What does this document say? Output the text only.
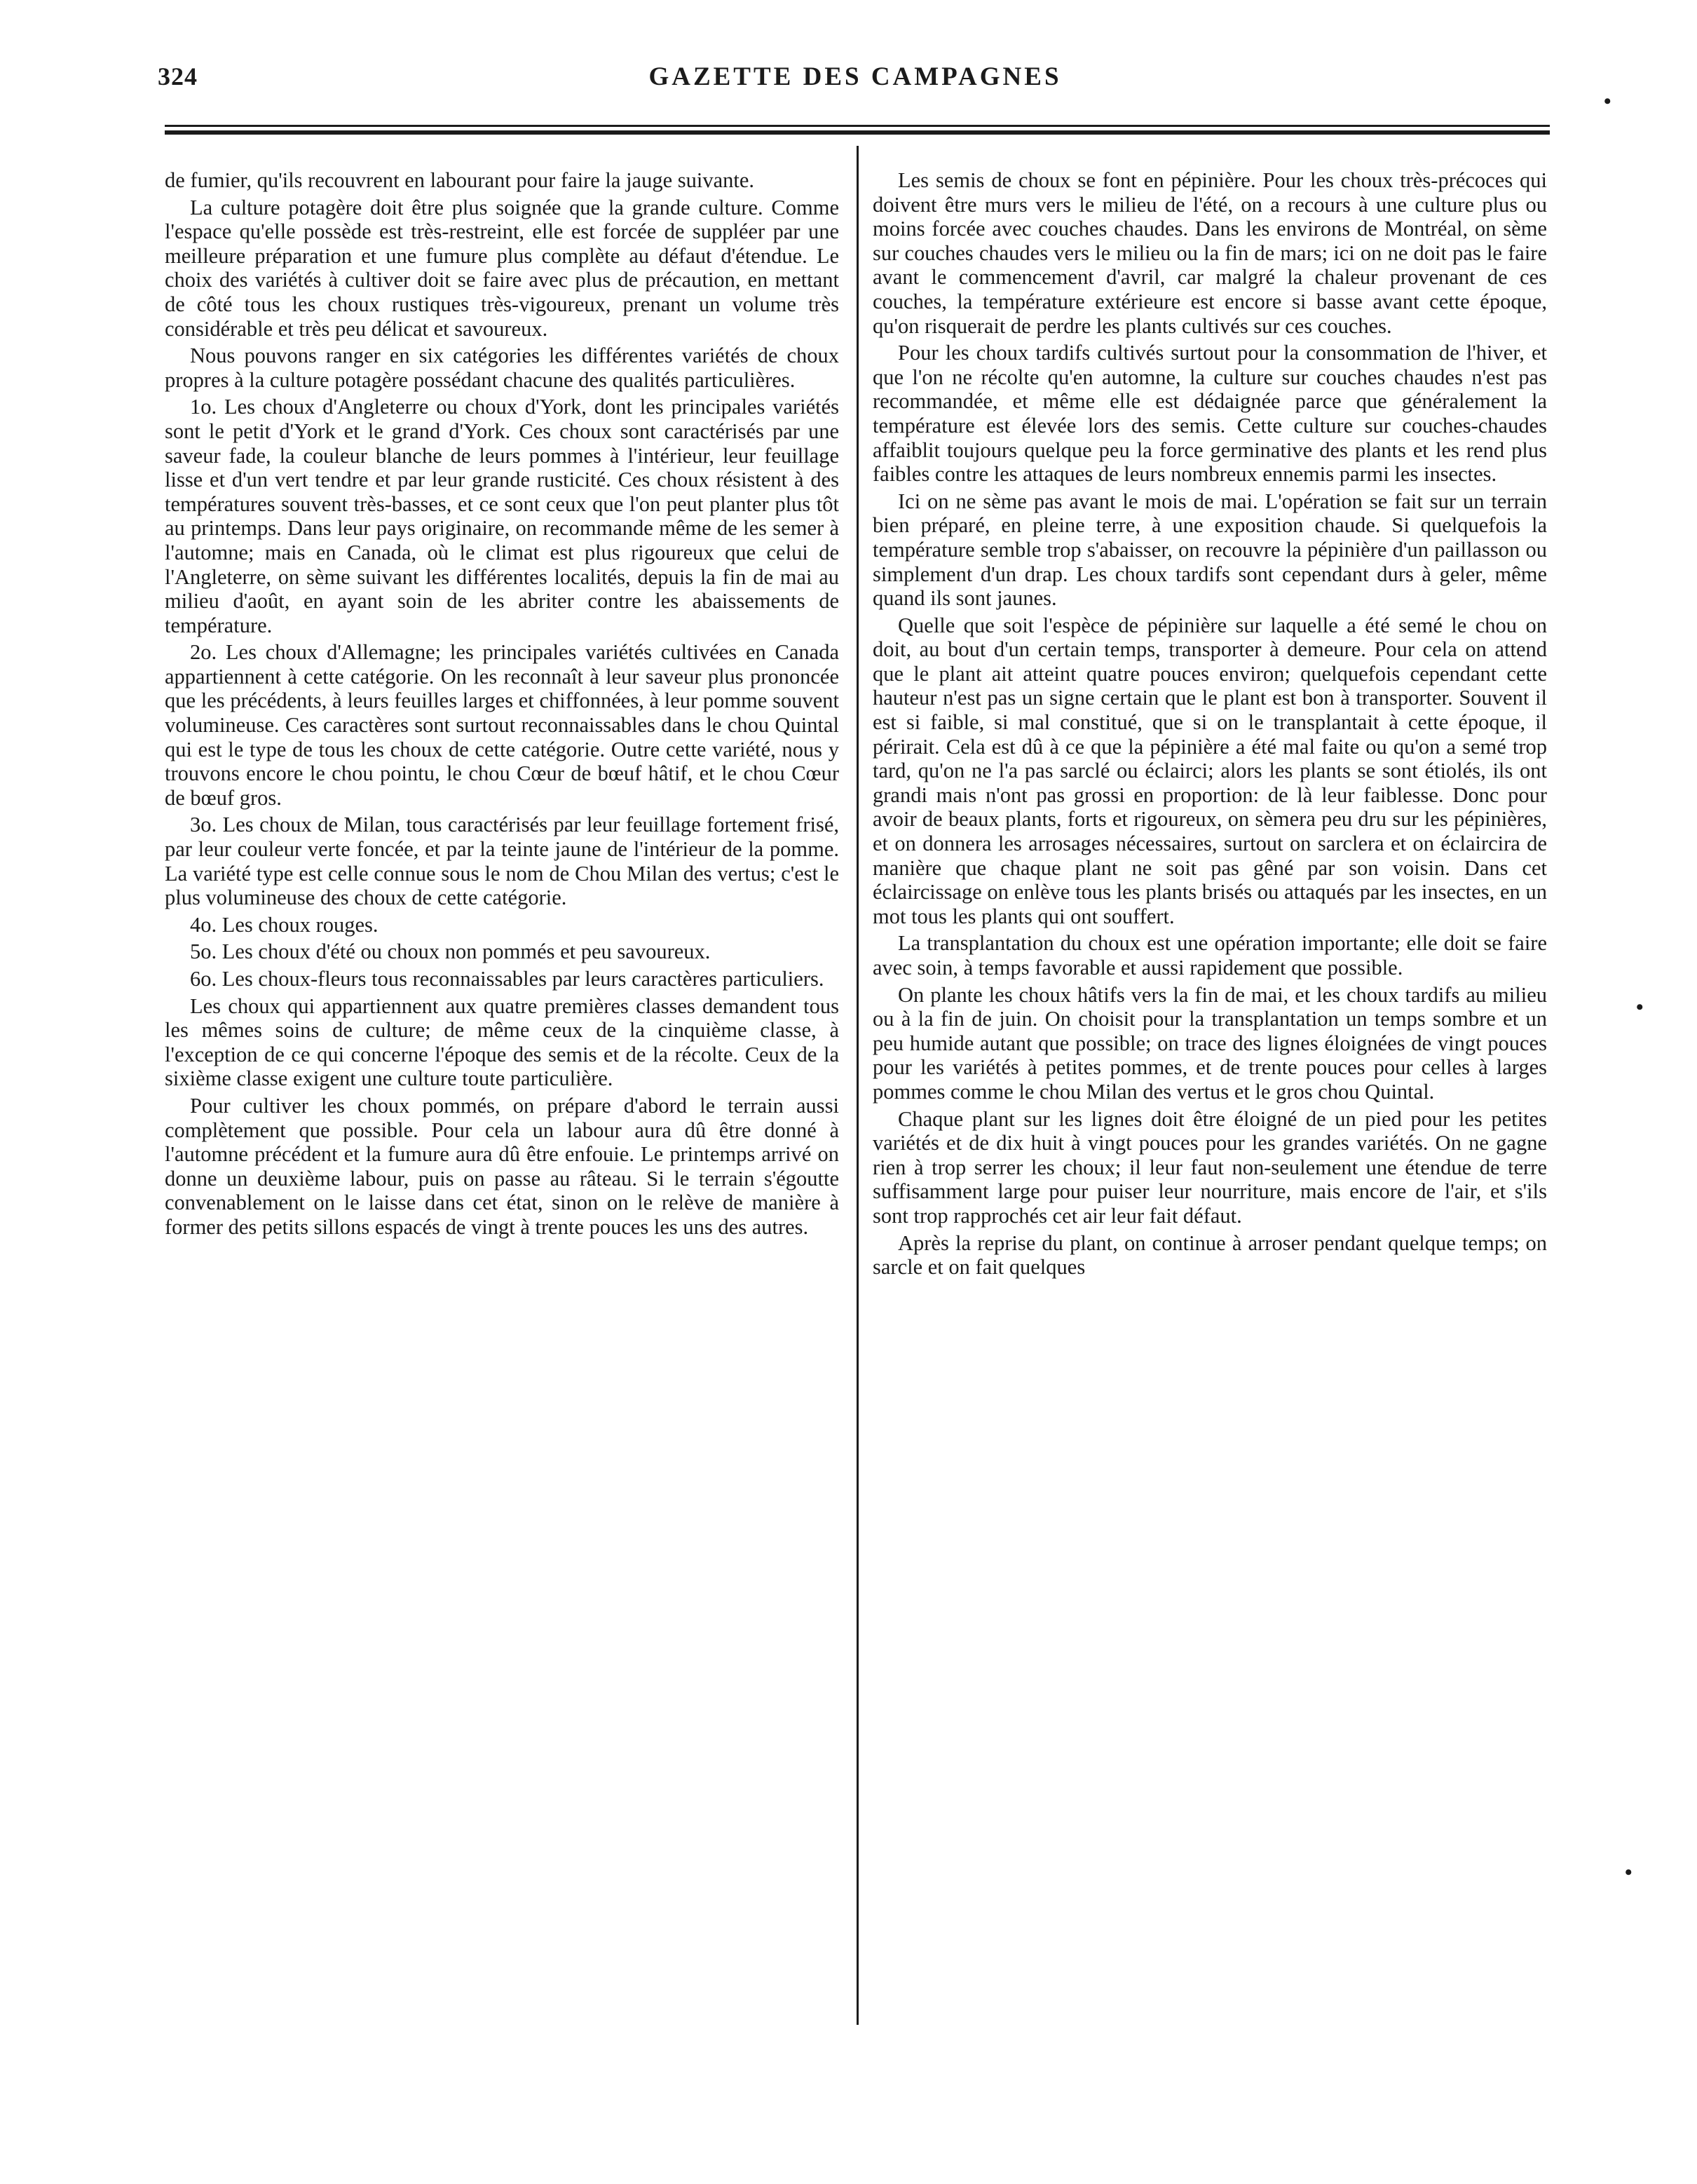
324	GAZETTE DES CAMPAGNES

de fumier, qu'ils recouvrent en labourant pour faire la jauge suivante.

La culture potagère doit être plus soignée que la grande culture. Comme l'espace qu'elle possède est très-restreint, elle est forcée de suppléer par une meilleure préparation et une fumure plus complète au défaut d'étendue. Le choix des variétés à cultiver doit se faire avec plus de précaution, en mettant de côté tous les choux rustiques très-vigoureux, prenant un volume très considérable et très peu délicat et savoureux.

Nous pouvons ranger en six catégories les différentes variétés de choux propres à la culture potagère possédant chacune des qualités particulières.

1o. Les choux d'Angleterre ou choux d'York, dont les principales variétés sont le petit d'York et le grand d'York. Ces choux sont caractérisés par une saveur fade, la couleur blanche de leurs pommes à l'intérieur, leur feuillage lisse et d'un vert tendre et par leur grande rusticité. Ces choux résistent à des températures souvent très-basses, et ce sont ceux que l'on peut planter plus tôt au printemps. Dans leur pays originaire, on recommande même de les semer à l'automne; mais en Canada, où le climat est plus rigoureux que celui de l'Angleterre, on sème suivant les différentes localités, depuis la fin de mai au milieu d'août, en ayant soin de les abriter contre les abaissements de température.

2o. Les choux d'Allemagne; les principales variétés cultivées en Canada appartiennent à cette catégorie. On les reconnaît à leur saveur plus prononcée que les précédents, à leurs feuilles larges et chiffonnées, à leur pomme souvent volumineuse. Ces caractères sont surtout reconnaissables dans le chou Quintal qui est le type de tous les choux de cette catégorie. Outre cette variété, nous y trouvons encore le chou pointu, le chou Cœur de bœuf hâtif, et le chou Cœur de bœuf gros.

3o. Les choux de Milan, tous caractérisés par leur feuillage fortement frisé, par leur couleur verte foncée, et par la teinte jaune de l'intérieur de la pomme. La variété type est celle connue sous le nom de Chou Milan des vertus; c'est le plus volumineuse des choux de cette catégorie.

4o. Les choux rouges.

5o. Les choux d'été ou choux non pommés et peu savoureux.

6o. Les choux-fleurs tous reconnaissables par leurs caractères particuliers.

Les choux qui appartiennent aux quatre premières classes demandent tous les mêmes soins de culture; de même ceux de la cinquième classe, à l'exception de ce qui concerne l'époque des semis et de la récolte. Ceux de la sixième classe exigent une culture toute particulière.

Pour cultiver les choux pommés, on prépare d'abord le terrain aussi complètement que possible. Pour cela un labour aura dû être donné à l'automne précédent et la fumure aura dû être enfouie. Le printemps arrivé on donne un deuxième labour, puis on passe au râteau. Si le terrain s'égoutte convenablement on le laisse dans cet état, sinon on le relève de manière à former des petits sillons espacés de vingt à trente pouces les uns des autres.

Les semis de choux se font en pépinière. Pour les choux très-précoces qui doivent être murs vers le milieu de l'été, on a recours à une culture plus ou moins forcée avec couches chaudes. Dans les environs de Montréal, on sème sur couches chaudes vers le milieu ou la fin de mars; ici on ne doit pas le faire avant le commencement d'avril, car malgré la chaleur provenant de ces couches, la température extérieure est encore si basse avant cette époque, qu'on risquerait de perdre les plants cultivés sur ces couches.

Pour les choux tardifs cultivés surtout pour la consommation de l'hiver, et que l'on ne récolte qu'en automne, la culture sur couches chaudes n'est pas recommandée, et même elle est dédaignée parce que généralement la température est élevée lors des semis. Cette culture sur couches-chaudes affaiblit toujours quelque peu la force germinative des plants et les rend plus faibles contre les attaques de leurs nombreux ennemis parmi les insectes.

Ici on ne sème pas avant le mois de mai. L'opération se fait sur un terrain bien préparé, en pleine terre, à une exposition chaude. Si quelquefois la température semble trop s'abaisser, on recouvre la pépinière d'un paillasson ou simplement d'un drap. Les choux tardifs sont cependant durs à geler, même quand ils sont jaunes.

Quelle que soit l'espèce de pépinière sur laquelle a été semé le chou on doit, au bout d'un certain temps, transporter à demeure. Pour cela on attend que le plant ait atteint quatre pouces environ; quelquefois cependant cette hauteur n'est pas un signe certain que le plant est bon à transporter. Souvent il est si faible, si mal constitué, que si on le transplantait à cette époque, il périrait. Cela est dû à ce que la pépinière a été mal faite ou qu'on a semé trop tard, qu'on ne l'a pas sarclé ou éclairci; alors les plants se sont étiolés, ils ont grandi mais n'ont pas grossi en proportion: de là leur faiblesse. Donc pour avoir de beaux plants, forts et rigoureux, on sèmera peu dru sur les pépinières, et on donnera les arrosages nécessaires, surtout on sarclera et on éclaircira de manière que chaque plant ne soit pas gêné par son voisin. Dans cet éclaircissage on enlève tous les plants brisés ou attaqués par les insectes, en un mot tous les plants qui ont souffert.

La transplantation du choux est une opération importante; elle doit se faire avec soin, à temps favorable et aussi rapidement que possible.

On plante les choux hâtifs vers la fin de mai, et les choux tardifs au milieu ou à la fin de juin. On choisit pour la transplantation un temps sombre et un peu humide autant que possible; on trace des lignes éloignées de vingt pouces pour les variétés à petites pommes, et de trente pouces pour celles à larges pommes comme le chou Milan des vertus et le gros chou Quintal.

Chaque plant sur les lignes doit être éloigné de un pied pour les petites variétés et de dix huit à vingt pouces pour les grandes variétés. On ne gagne rien à trop serrer les choux; il leur faut non-seulement une étendue de terre suffisamment large pour puiser leur nourriture, mais encore de l'air, et s'ils sont trop rapprochés cet air leur fait défaut.

Après la reprise du plant, on continue à arroser pendant quelque temps; on sarcle et on fait quelques

•
•
•
